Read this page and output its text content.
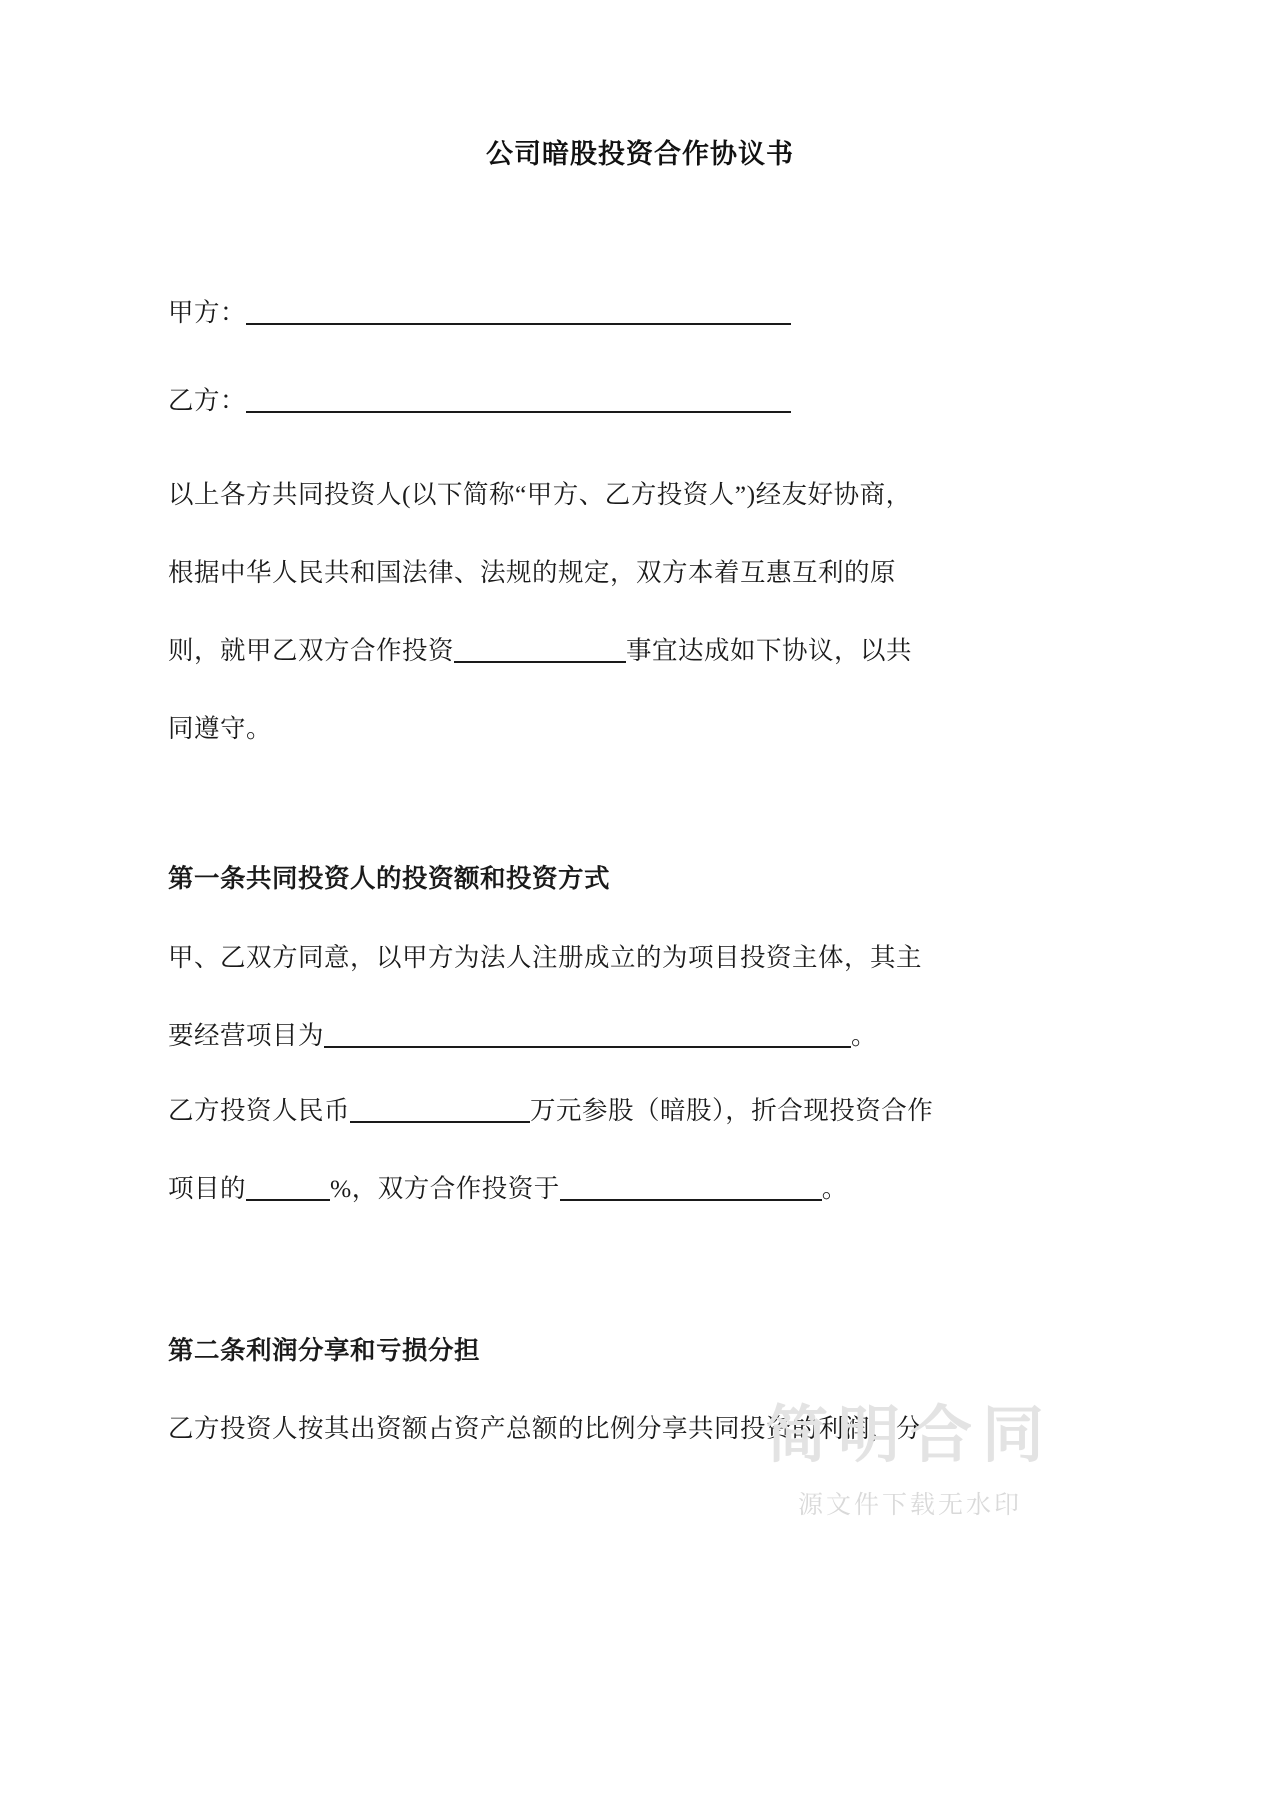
公司暗股投资合作协议书
甲方：
乙方：
以上各方共同投资人(以下简称“甲方、乙方投资人”)经友好协商，
根据中华人民共和国法律、法规的规定，双方本着互惠互利的原
则，就甲乙双方合作投资	事宜达成如下协议，以共
同遵守。
第一条共同投资人的投资额和投资方式
甲、乙双方同意，以甲方为法人注册成立的为项目投资主体，其主
要经营项目为	。
乙方投资人民币	万元参股（暗股），折合现投资合作
项目的	%，双方合作投资于	。
第二条利润分享和亏损分担
乙方投资人按其出资额占资产总额的比例分享共同投资的利润，分
简明合同
源文件下载无水印
